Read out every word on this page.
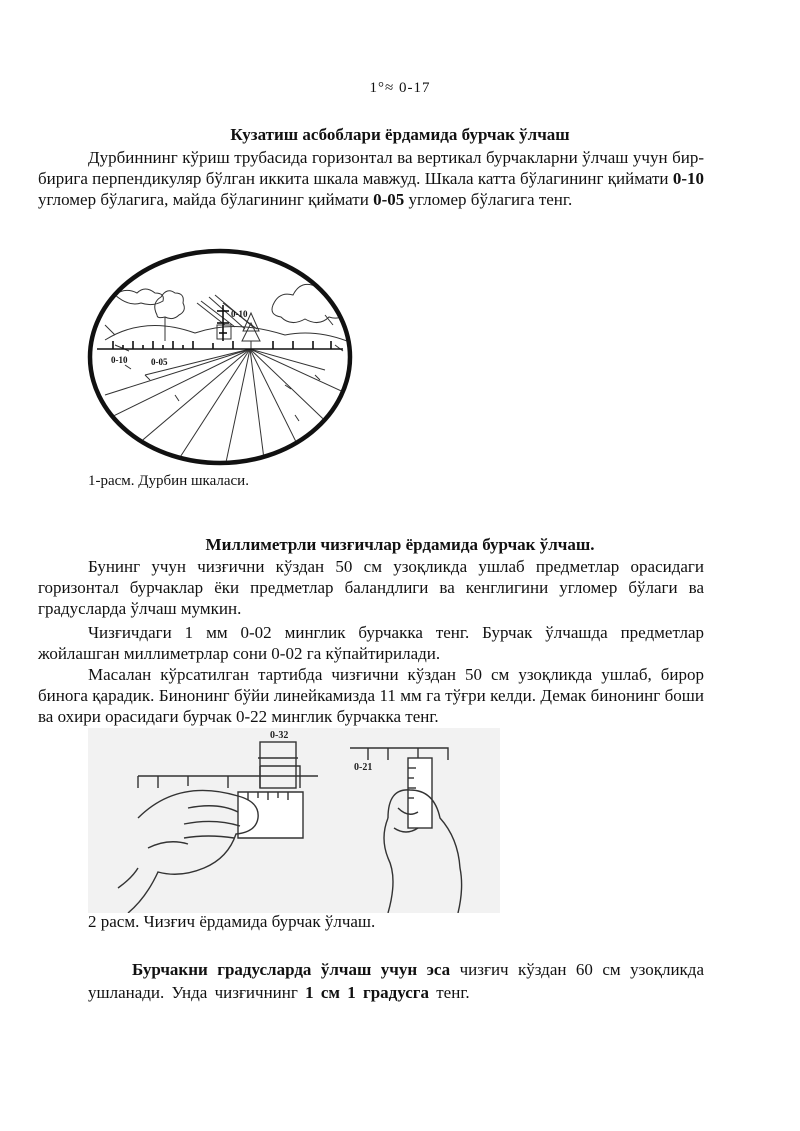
1°≈ 0-17
Кузатиш асбоблари ёрдамида бурчак ўлчаш

Дурбиннинг кўриш трубасида горизонтал ва вертикал бурчакларни ўлчаш учун бир-бирига перпендикуляр бўлган иккита шкала мавжуд. Шкала катта бўлагининг қиймати 0-10 угломер бўлагига, майда бўлагининг қиймати 0-05 угломер бўлагига тенг.

0-10
0-10	0-05
1-расм. Дурбин шкаласи.
Миллиметрли чизғичлар ёрдамида бурчак ўлчаш.

Бунинг учун чизғични кўздан 50 см узоқликда ушлаб предметлар орасидаги горизонтал бурчаклар ёки предметлар баландлиги ва кенглигини угломер бўлаги ва градусларда ўлчаш мумкин.

Чизғичдаги 1 мм 0-02 минглик бурчакка тенг. Бурчак ўлчашда предметлар жойлашган миллиметрлар сони 0-02 га кўпайтирилади.

Масалан кўрсатилган тартибда чизғични кўздан 50 см узоқликда ушлаб, бирор бинога қарадик. Бинонинг бўйи линейкамизда 11 мм га тўғри келди. Демак бинонинг боши ва охири орасидаги бурчак 0-22 минглик бурчакка тенг.

0-32
0-21
2 расм. Чизғич ёрдамида бурчак ўлчаш.

Бурчакни градусларда ўлчаш учун эса чизғич кўздан 60 см узоқликда ушланади. Унда чизғичнинг 1 см 1 градусга тенг.
